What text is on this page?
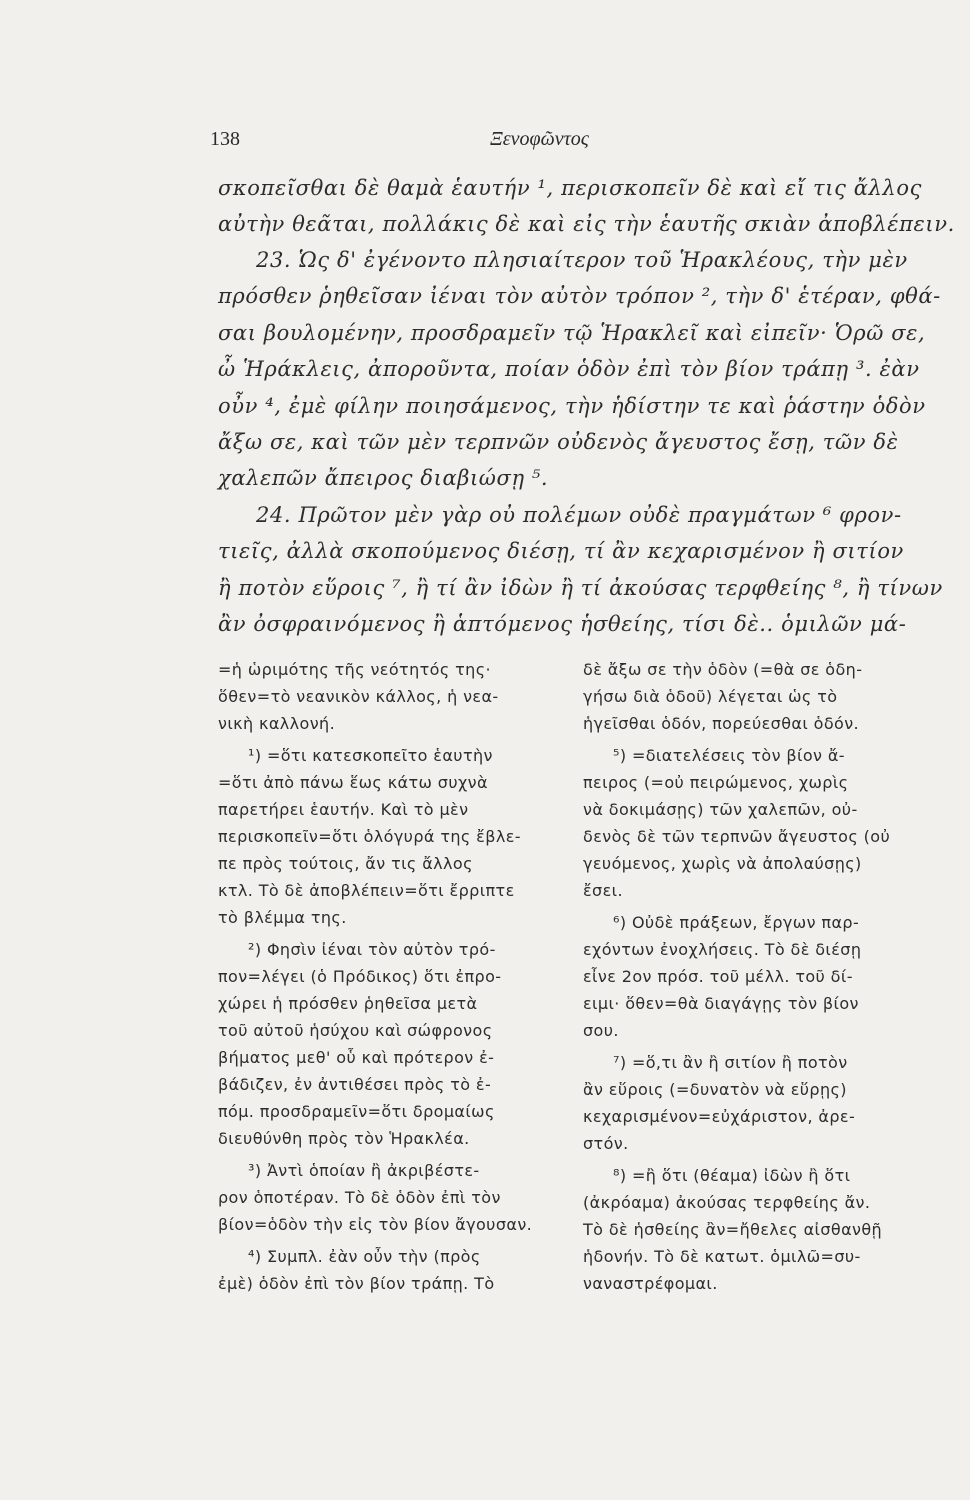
138	Ξενοφῶντος
σκοπεῖσθαι δὲ θαμὰ ἑαυτήν ¹, περισκοπεῖν δὲ καὶ εἴ τις ἄλλος
αὐτὴν θεᾶται, πολλάκις δὲ καὶ εἰς τὴν ἑαυτῆς σκιὰν ἀποβλέπειν.
23. Ὡς δ' ἐγένοντο πλησιαίτερον τοῦ Ἡρακλέους, τὴν μὲν
πρόσθεν ῥηθεῖσαν ἰέναι τὸν αὐτὸν τρόπον ², τὴν δ' ἑτέραν, φθά-
σαι βουλομένην, προσδραμεῖν τῷ Ἡρακλεῖ καὶ εἰπεῖν· Ὁρῶ σε,
ὦ Ἡράκλεις, ἀποροῦντα, ποίαν ὁδὸν ἐπὶ τὸν βίον τράπῃ ³. ἐὰν
οὖν ⁴, ἐμὲ φίλην ποιησάμενος, τὴν ἡδίστην τε καὶ ῥάστην ὁδὸν
ἄξω σε, καὶ τῶν μὲν τερπνῶν οὐδενὸς ἄγευστος ἔσῃ, τῶν δὲ
χαλεπῶν ἄπειρος διαβιώσῃ ⁵.
24. Πρῶτον μὲν γὰρ οὐ πολέμων οὐδὲ πραγμάτων ⁶ φρον-
τιεῖς, ἀλλὰ σκοπούμενος διέσῃ, τί ἂν κεχαρισμένον ἢ σιτίον
ἢ ποτὸν εὕροις ⁷, ἢ τί ἂν ἰδὼν ἢ τί ἀκούσας τερφθείης ⁸, ἢ τίνων
ἂν ὀσφραινόμενος ἢ ἁπτόμενος ἡσθείης, τίσι δὲ.. ὁμιλῶν μά-
=ἡ ὡριμότης τῆς νεότητός της·
ὅθεν=τὸ νεανικὸν κάλλος, ἡ νεα-
νικὴ καλλονή.
¹) =ὅτι κατεσκοπεῖτο ἑαυτὴν
=ὅτι ἀπὸ πάνω ἕως κάτω συχνὰ
παρετήρει ἑαυτήν. Καὶ τὸ μὲν
περισκοπεῖν=ὅτι ὁλόγυρά της ἔβλε-
πε πρὸς τούτοις, ἄν τις ἄλλος
κτλ. Τὸ δὲ ἀποβλέπειν=ὅτι ἔρριπτε
τὸ βλέμμα της.
²) Φησὶν ἰέναι τὸν αὐτὸν τρό-
πον=λέγει (ὁ Πρόδικος) ὅτι ἐπρο-
χώρει ἡ πρόσθεν ῥηθεῖσα μετὰ
τοῦ αὐτοῦ ἡσύχου καὶ σώφρονος
βήματος μεθ' οὗ καὶ πρότερον ἐ-
βάδιζεν, ἐν ἀντιθέσει πρὸς τὸ ἐ-
πόμ. προσδραμεῖν=ὅτι δρομαίως
διευθύνθη πρὸς τὸν Ἡρακλέα.
³) Ἀντὶ ὁποίαν ἢ ἀκριβέστε-
ρον ὁποτέραν. Τὸ δὲ ὁδὸν ἐπὶ τὸν
βίον=ὁδὸν τὴν εἰς τὸν βίον ἄγουσαν.
⁴) Συμπλ. ἐὰν οὖν τὴν (πρὸς
ἐμὲ) ὁδὸν ἐπὶ τὸν βίον τράπῃ. Τὸ
δὲ ἄξω σε τὴν ὁδὸν (=θὰ σε ὁδη-
γήσω διὰ ὁδοῦ) λέγεται ὡς τὸ
ἡγεῖσθαι ὁδόν, πορεύεσθαι ὁδόν.
⁵) =διατελέσεις τὸν βίον ἄ-
πειρος (=οὐ πειρώμενος, χωρὶς
νὰ δοκιμάσῃς) τῶν χαλεπῶν, οὐ-
δενὸς δὲ τῶν τερπνῶν ἄγευστος (οὐ
γευόμενος, χωρὶς νὰ ἀπολαύσῃς)
ἔσει.
⁶) Οὐδὲ πράξεων, ἔργων παρ-
εχόντων ἐνοχλήσεις. Τὸ δὲ διέσῃ
εἶνε 2ον πρόσ. τοῦ μέλλ. τοῦ δί-
ειμι· ὅθεν=θὰ διαγάγῃς τὸν βίον
σου.
⁷) =ὅ,τι ἂν ἢ σιτίον ἢ ποτὸν
ἂν εὕροις (=δυνατὸν νὰ εὕρῃς)
κεχαρισμένον=εὐχάριστον, ἀρε-
στόν.
⁸) =ἢ ὅτι (θέαμα) ἰδὼν ἢ ὅτι
(ἀκρόαμα) ἀκούσας τερφθείης ἄν.
Τὸ δὲ ἡσθείης ἂν=ἤθελες αἰσθανθῇ
ἡδονήν. Τὸ δὲ κατωτ. ὁμιλῶ=συ-
ναναστρέφομαι.
